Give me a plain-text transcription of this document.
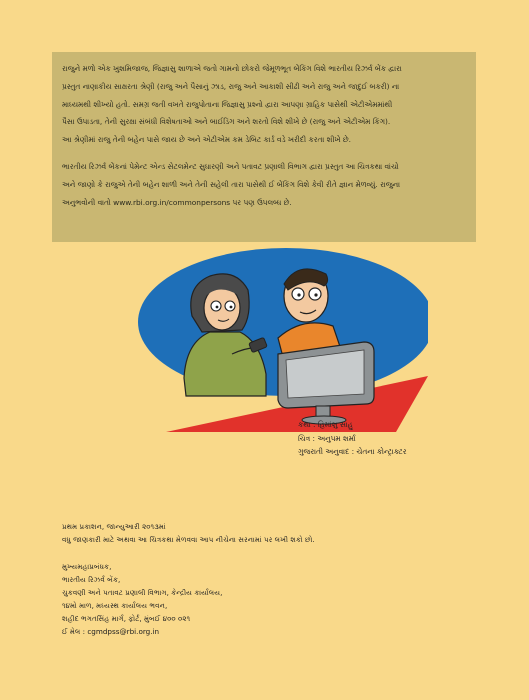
રાજુને મળો એક ખુશમિજાજ, જિજ્ઞાસુ શાળાએ જતો ગામનો છોકરો જેમૂળભૂત બેંકિંગ વિશે ભારતીય રિઝર્વ બેંક દ્વારા
પ્રસ્તુત નાણાકીય સાક્ષરતા શ્રેણી (રાજુ અને પૈસાનું ઝાડ, રાજુ અને આકાશી સીઢી અને રાજુ અને જાદુઈ બકરી) ના
માધ્યમથી શીખ્યો હતો. સમગ્ર જતી વખતે રાજુપોતાના જિજ્ઞાસુ પ્રશ્નો દ્વારા આપણા ગ્રાહિક પાસેથી એટીએમમાંથી
પૈસા ઉપાડતા, તેની સુરક્ષા સંબંધી વિશેષતાઓ અને બાઈડિંગ અને શરતો વિશે શીખે છે (રાજુ અને એટીએમ કિંગ).
આ શ્રેણીમાં રાજુ તેની બહેન પાસે જાય છે અને એટીએમ કમ ડેબિટ કાર્ડ વડે ખરીદી કરતા શીખે છે.

ભારતીય રિઝર્વ બેંકનાં પેમેન્ટ એન્ડ સેટલમેન્ટ સુધારણી અને પતાવટ પ્રણાલી વિભાગ દ્વારા પ્રસ્તુત આ ચિત્રકથા વાંચો
અને જાણો કે રાજુએ તેની બહેન શાળી અને તેની સહેલી તારા પાસેથી ઈ બેંકિંગ વિશે કેવી રીતે જ્ઞાન મેળવ્યું. રાજુના
અનુભવોની વાતો www.rbi.org.in/commonpersons પર પણ ઉપલબ્ધ છે.

કથા : હિમાંશુ સાહુ
ચિત્ર : અનુપમ શર્મા
ગુજરાતી અનુવાદ : ચેતના કોન્ટ્રાક્ટર
પ્રથમ પ્રકાશન, જાન્યુઆરી ૨૦૧૩માં
વધુ જાણકારી માટે અથવા આ ચિત્રકથા મેળવવા આપ નીચેના સરનામાં પર લખી શકો છો.
મુખ્યમહાપ્રબંધક,
ભારતીય રિઝર્વ બેંક,
ચુકવણી અને પતાવટ પ્રણાલી વિભાગ, કેન્દ્રીય કાર્યાલય,
૧૪મો માળ, મધ્યસ્થ કાર્યાલય ભવન,
શહીદ ભગતસિંહ માર્ગ, ફોર્ટ, મુંબઈ ૪૦૦ ૦૨૧
ઈ મેલ : cgmdpss@rbi.org.in
